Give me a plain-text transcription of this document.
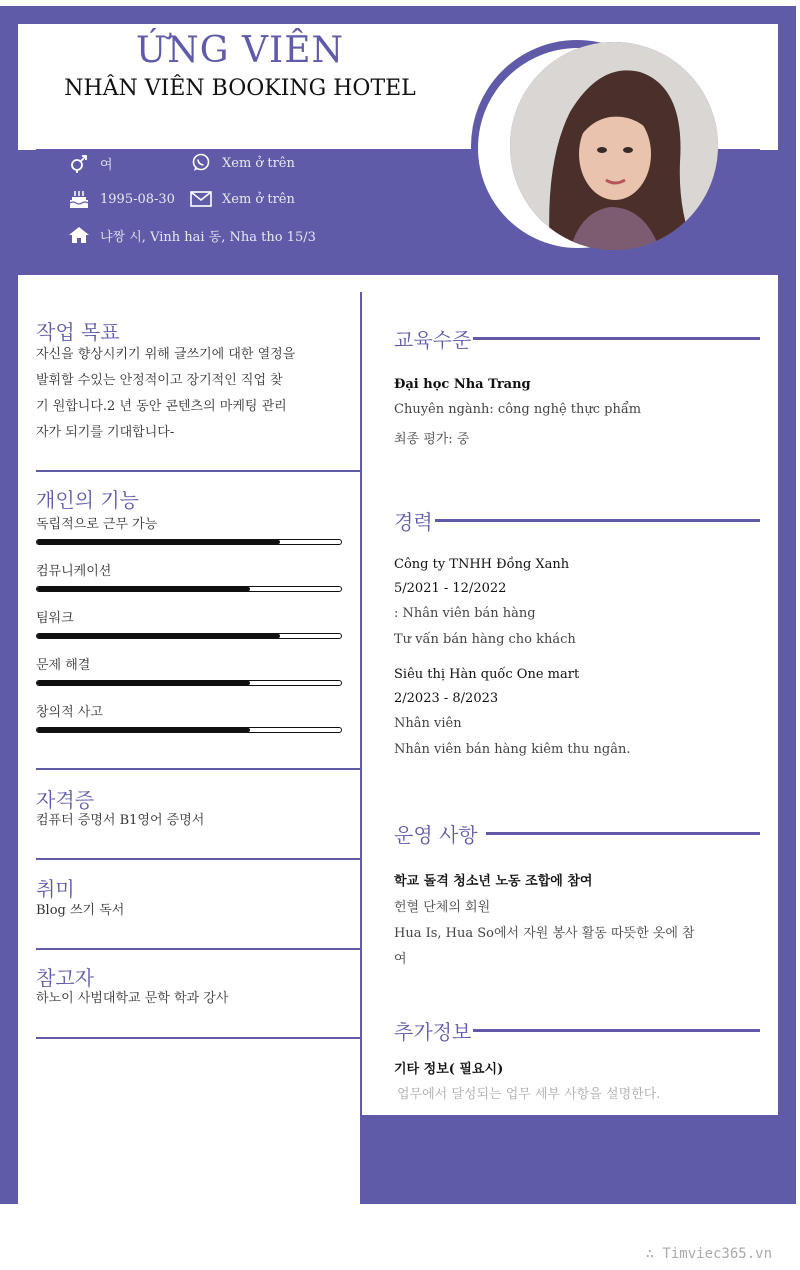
ỨNG VIÊN
NHÂN VIÊN BOOKING HOTEL
여	Xem ở trên
1995-08-30	Xem ở trên
냐짱 시, Vinh hai 동, Nha tho 15/3
작업 목표
자신을 향상시키기 위해 글쓰기에 대한 열정을
발휘할 수있는 안정적이고 장기적인 직업 찾
기 원합니다.2 년 동안 콘텐츠의 마케팅 관리
자가 되기를 기대합니다-
개인의 기능
독립적으로 근무 가능
컴뮤니케이션
팀워크
문제 해결
창의적 사고
자격증
컴퓨터 증명서 B1영어 증명서
취미
Blog 쓰기 독서
참고자
하노이 사범대학교 문학 학과 강사
교육수준
Đại học Nha Trang
Chuyên ngành: công nghệ thực phẩm
최종 평가: 중
경력
Công ty TNHH Đồng Xanh
5/2021 - 12/2022
: Nhân viên bán hàng
Tư vấn bán hàng cho khách
Siêu thị Hàn quốc One mart
2/2023 - 8/2023
Nhân viên
Nhân viên bán hàng kiêm thu ngân.
운영 사항
학교 돌격 청소년 노동 조합에 참여
헌혈 단체의 회원
Hua Is, Hua So에서 자원 봉사 활동 따뜻한 옷에 참
여
추가정보
기타 정보( 필요시)
업무에서 달성되는 업무 세부 사항을 설명한다.
∴ Timviec365.vn
